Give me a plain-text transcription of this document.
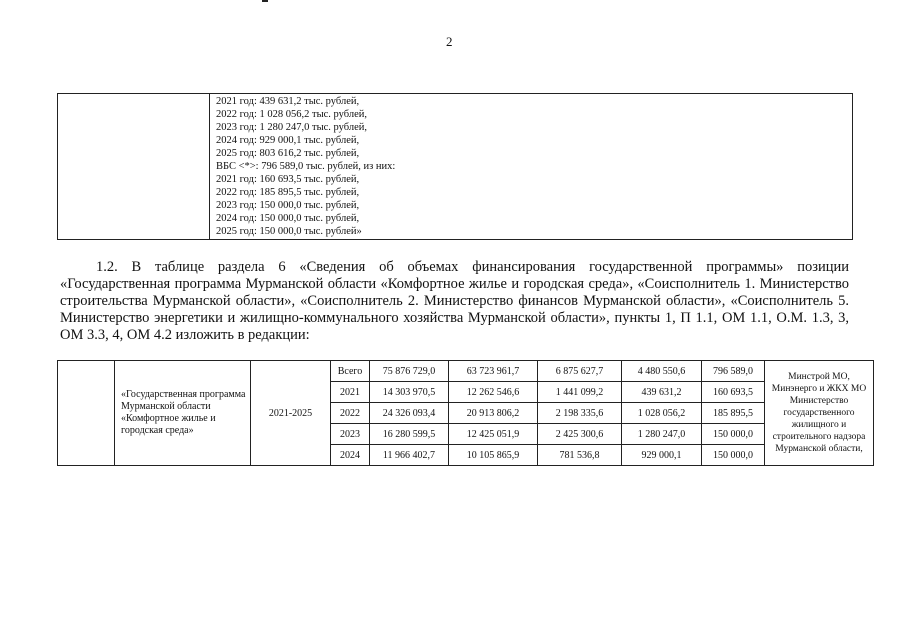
2
2021 год: 439 631,2 тыс. рублей,
2022 год: 1 028 056,2 тыс. рублей,
2023 год: 1 280 247,0 тыс. рублей,
2024 год: 929 000,1 тыс. рублей,
2025 год: 803 616,2 тыс. рублей,
ВБС <*>: 796 589,0 тыс. рублей, из них:
2021 год: 160 693,5 тыс. рублей,
2022 год: 185 895,5 тыс. рублей,
2023 год: 150 000,0 тыс. рублей,
2024 год: 150 000,0 тыс. рублей,
2025 год: 150 000,0 тыс. рублей»

1.2. В таблице раздела 6 «Сведения об объемах финансирования государственной программы» позиции «Государственная программа Мурманской области «Комфортное жилье и городская среда», «Соисполнитель 1. Министерство строительства Мурманской области», «Соисполнитель 2. Министерство финансов Мурманской области», «Соисполнитель 5. Министерство энергетики и жилищно-коммунального хозяйства Мурманской области», пункты 1, П 1.1, ОМ 1.1, О.М. 1.3, 3, ОМ 3.3, 4, ОМ 4.2 изложить в редакции:

	«Государственная программа Мурманской области «Комфортное жилье и городская среда»	2021-2025	Всего	75 876 729,0	63 723 961,7	6 875 627,7	4 480 550,6	796 589,0	Минстрой МО, Минэнерго и ЖКХ МО Министерство государственного жилищного и строительного надзора Мурманской области,
			2021	14 303 970,5	12 262 546,6	1 441 099,2	439 631,2	160 693,5	
			2022	24 326 093,4	20 913 806,2	2 198 335,6	1 028 056,2	185 895,5	
			2023	16 280 599,5	12 425 051,9	2 425 300,6	1 280 247,0	150 000,0	
			2024	11 966 402,7	10 105 865,9	781 536,8	929 000,1	150 000,0	
